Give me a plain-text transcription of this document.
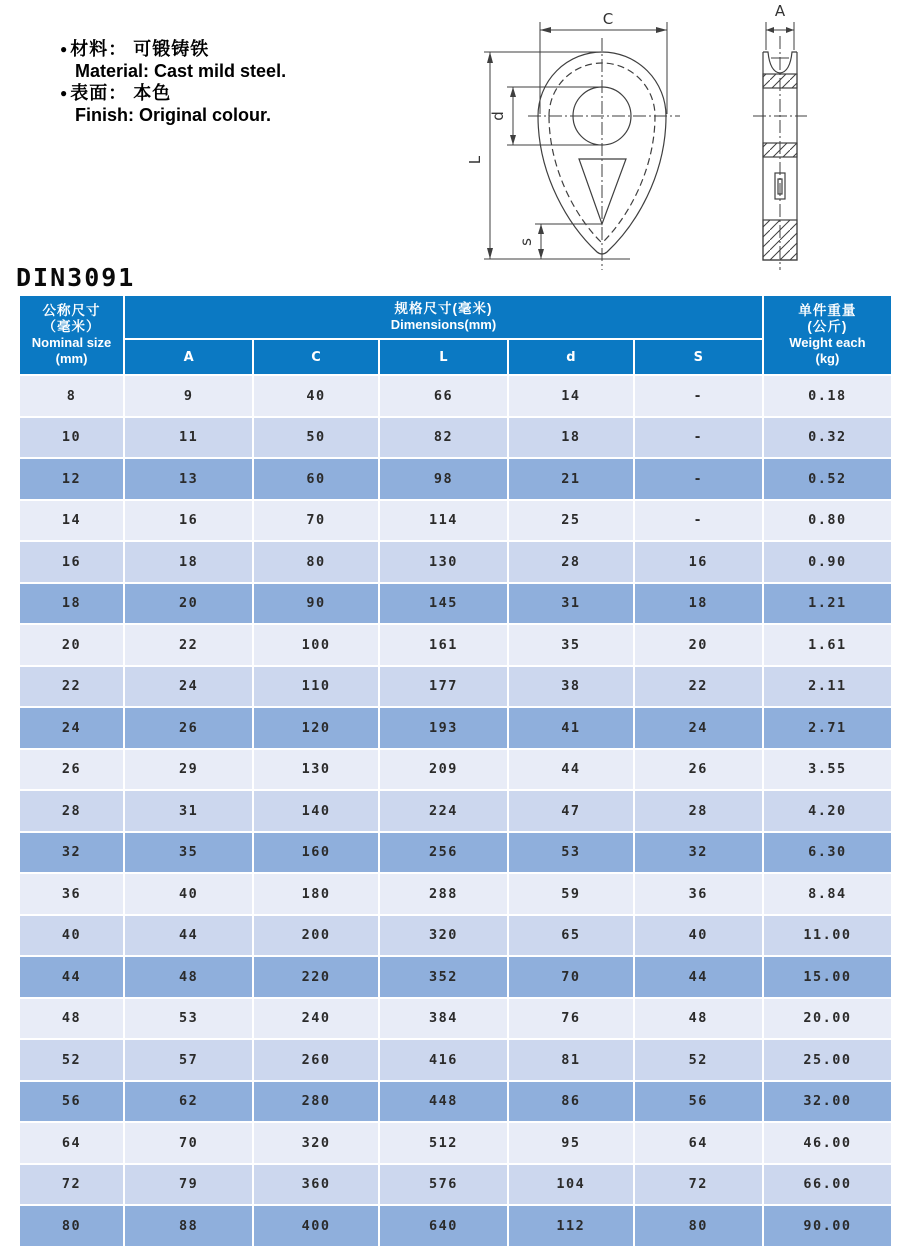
● 材料： 可锻铸铁
Material: Cast mild steel.
● 表面： 本色
Finish: Original colour.
C
L
d
s
A
DIN3091
公称尺寸
（毫米）
Nominal size
(mm)

规格尺寸(毫米)
Dimensions(mm)

单件重量
(公斤)
Weight each
(kg)

	A	C	L	d	S	
8	9	40	66	14	-	0.18
10	11	50	82	18	-	0.32
12	13	60	98	21	-	0.52
14	16	70	114	25	-	0.80
16	18	80	130	28	16	0.90
18	20	90	145	31	18	1.21
20	22	100	161	35	20	1.61
22	24	110	177	38	22	2.11
24	26	120	193	41	24	2.71
26	29	130	209	44	26	3.55
28	31	140	224	47	28	4.20
32	35	160	256	53	32	6.30
36	40	180	288	59	36	8.84
40	44	200	320	65	40	11.00
44	48	220	352	70	44	15.00
48	53	240	384	76	48	20.00
52	57	260	416	81	52	25.00
56	62	280	448	86	56	32.00
64	70	320	512	95	64	46.00
72	79	360	576	104	72	66.00
80	88	400	640	112	80	90.00
